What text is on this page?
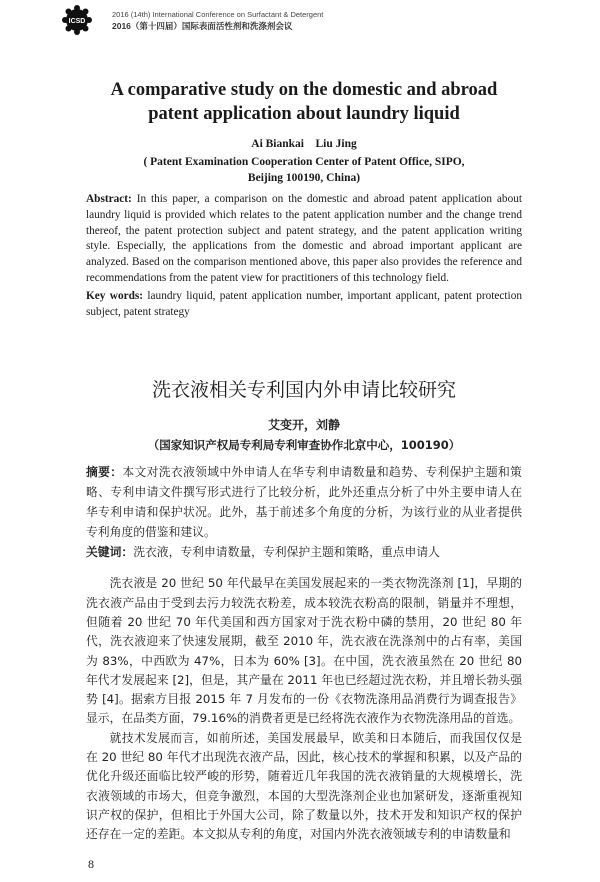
ICSD
2016 (14th) International Conference on Surfactant & Detergent
2016（第十四届）国际表面活性剂和洗涤剂会议
A comparative study on the domestic and abroad
patent application about laundry liquid
Ai Biankai    Liu Jing
( Patent Examination Cooperation Center of Patent Office, SIPO,
Beijing 100190, China)
Abstract: In this paper, a comparison on the domestic and abroad patent application about laundry liquid is provided which relates to the patent application number and the change trend thereof, the patent protection subject and patent strategy, and the patent application writing style. Especially, the applications from the domestic and abroad important applicant are analyzed. Based on the comparison mentioned above, this paper also provides the reference and recommendations from the patent view for practitioners of this technology field.
Key words: laundry liquid, patent application number, important applicant, patent protection subject, patent strategy
洗衣液相关专利国内外申请比较研究
艾变开，刘静
（国家知识产权局专利局专利审查协作北京中心，100190）
摘要：本文对洗衣液领域中外申请人在华专利申请数量和趋势、专利保护主题和策略、专利申请文件撰写形式进行了比较分析，此外还重点分析了中外主要申请人在华专利申请和保护状况。此外，基于前述多个角度的分析，为该行业的从业者提供专利角度的借鉴和建议。
关键词：洗衣液，专利申请数量，专利保护主题和策略，重点申请人
洗衣液是 20 世纪 50 年代最早在美国发展起来的一类衣物洗涤剂 [1]，早期的洗衣液产品由于受到去污力较洗衣粉差，成本较洗衣粉高的限制，销量并不理想，但随着 20 世纪 70 年代美国和西方国家对于洗衣粉中磷的禁用，20 世纪 80 年代，洗衣液迎来了快速发展期，截至 2010 年，洗衣液在洗涤剂中的占有率，美国为 83%，中西欧为 47%，日本为 60% [3]。在中国，洗衣液虽然在 20 世纪 80 年代才发展起来 [2]，但是，其产量在 2011 年也已经超过洗衣粉，并且增长勃头强势 [4]。据索方目报 2015 年 7 月发布的一份《衣物洗涤用品消费行为调查报告》显示，在品类方面，79.16%的消费者更是已经将洗衣液作为衣物洗涤用品的首选。
就技术发展而言，如前所述，美国发展最早，欧美和日本随后，而我国仅仅是在 20 世纪 80 年代才出现洗衣液产品，因此，核心技术的掌握和积累，以及产品的优化升级还面临比较严峻的形势，随着近几年我国的洗衣液销量的大规模增长，洗衣液领域的市场大，但竞争激烈，本国的大型洗涤剂企业也加紧研发，逐渐重视知识产权的保护，但相比于外国大公司，除了数量以外，技术开发和知识产权的保护还存在一定的差距。本文拟从专利的角度，对国内外洗衣液领域专利的申请数量和
8
